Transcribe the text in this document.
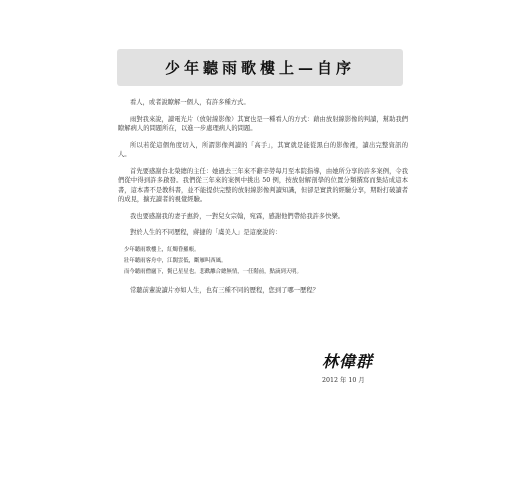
少年聽雨歌樓上—自序

看人，或者說瞭解一個人，有許多種方式。

雨對我來說，讀電光片（放射線影像）其實也是一種看人的方式：藉由放射線影像的判讀，幫助我們瞭解病人的問題所在，以進一步處理病人的問題。

所以若從這個角度切入，所謂影像判讀的「高手」，其實就是能從黑白的影像裡，讀出完整資訊的人。

首先要感謝台北榮總的主任：她過去三年來不辭辛勞每月至本院指導，由她所分享的許多案例，令我們從中得到許多啟發。我們從三年來的案例中挑出 50 例，按放射解剖學的位置分類撰寫而集結成這本書，這本書不是教科書，並不能提供完整的放射線影像判讀知識，但卻是實貴的經驗分享，期盼打破讀者的成見，擴充讀者的視覺經驗。

我也要感謝我的妻子惠鈴，一對兒女宗翰，宛霖，感謝他們帶給我許多快樂。

對於人生的不同歷程，蔣捷的「虞美人」是這麼說的：

少年聽雨歌樓上，紅燭昏羅帳。
壯年聽雨客舟中，江闊雲低，斷雁叫西風。
而今聽雨僧廬下，鬢已星星也。悲歡離合總無情，一任階前，點滴到天明。

常聽前輩說讀片亦如人生，也有三種不同的歷程，您到了哪一歷程？

林偉群
2012 年 10 月
